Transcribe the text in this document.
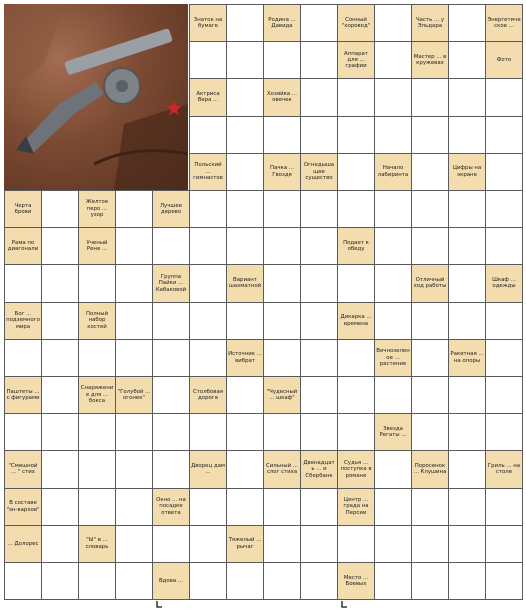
Знаток на бумаге
Родина ... Давида
Сонный "хоровод"
Часть ... у Эльдара
Энергетическое ...
Аппарат для ... графии
Мастер ... в кружевах
Фото
Актриса Вера ...
Хозяйка ... овечек
Польский ... гимнастов
Пачка ... Гвоздя
Огнедышащее существо
Начало лабиринта
Цифры на экране
Черта брови
Желтое перо ... узор
Лучшее дерево
Рама по диагонали
Ученый Рене ...
Подает к обеду
Группа Пайки ... Кабаковой
Вариант шахматной
Отличный ход работы
Шкаф ... одежды
Бог ... подземного мира
Полный набор костей
Дикарка ... времена
Источник ... вибрат
Вечнозеленое ... растение
Ракетная ... на опоры
Паштеты ... с фигурами
Снаряжение для ... бокса
"Голубой ... огонек"
Столбовая дорога
"Чудесный ... шкаф"
Звезда Регаты ...
"Смешной ... " стих
Дворец дам ...
Сильный ... слог стиха
Двенадцать ... и Сбербанк
Судья ... поступка в романе
Поросенок ... Клушина
Гриль ... на столе
В составе "эн-вархов"
Окно ... на посадке ответа
Центр ... града на Персии
... Долорес
"Ы" в ... словарь
Тяжелый ... рычаг
Вдова ...
Место ... Боевых
